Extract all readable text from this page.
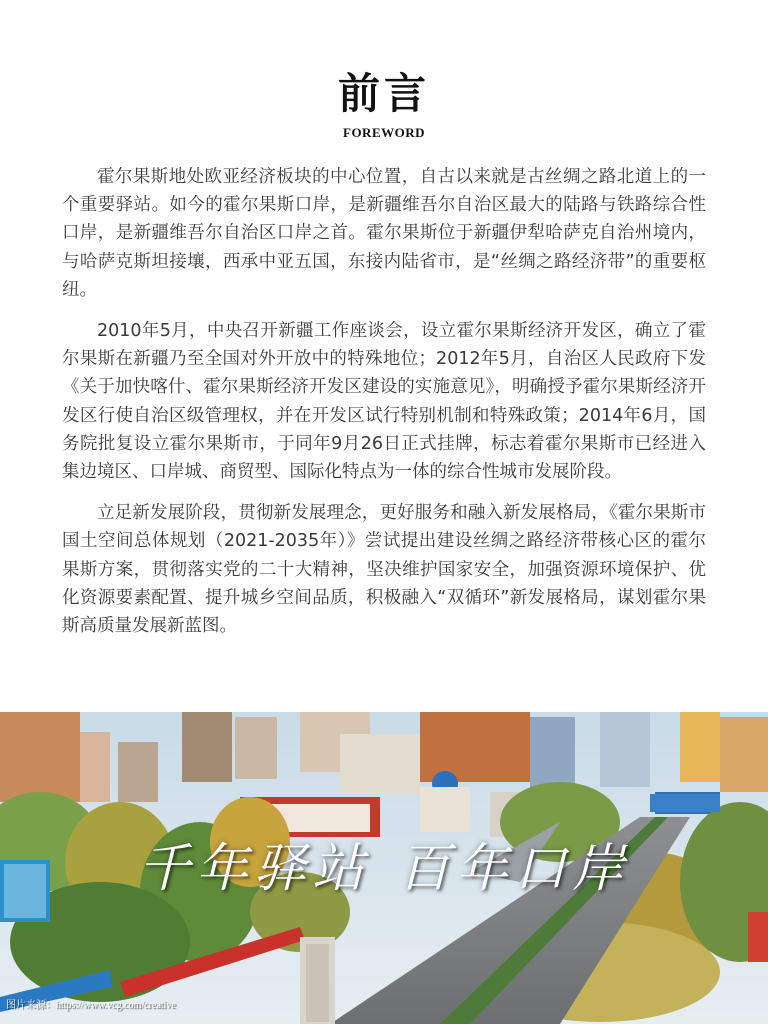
前言
FOREWORD

霍尔果斯地处欧亚经济板块的中心位置，自古以来就是古丝绸之路北道上的一个重要驿站。如今的霍尔果斯口岸，是新疆维吾尔自治区最大的陆路与铁路综合性口岸，是新疆维吾尔自治区口岸之首。霍尔果斯位于新疆伊犁哈萨克自治州境内，与哈萨克斯坦接壤，西承中亚五国，东接内陆省市，是“丝绸之路经济带”的重要枢纽。

2010年5月，中央召开新疆工作座谈会，设立霍尔果斯经济开发区，确立了霍尔果斯在新疆乃至全国对外开放中的特殊地位；2012年5月，自治区人民政府下发《关于加快喀什、霍尔果斯经济开发区建设的实施意见》，明确授予霍尔果斯经济开发区行使自治区级管理权，并在开发区试行特别机制和特殊政策；2014年6月，国务院批复设立霍尔果斯市，于同年9月26日正式挂牌，标志着霍尔果斯市已经进入集边境区、口岸城、商贸型、国际化特点为一体的综合性城市发展阶段。

立足新发展阶段，贯彻新发展理念，更好服务和融入新发展格局，《霍尔果斯市国土空间总体规划（2021-2035年）》尝试提出建设丝绸之路经济带核心区的霍尔果斯方案，贯彻落实党的二十大精神，坚决维护国家安全，加强资源环境保护、优化资源要素配置、提升城乡空间品质，积极融入“双循环”新发展格局，谋划霍尔果斯高质量发展新蓝图。

千年驿站 百年口岸
图片来源：https://www.vcg.com/creative
